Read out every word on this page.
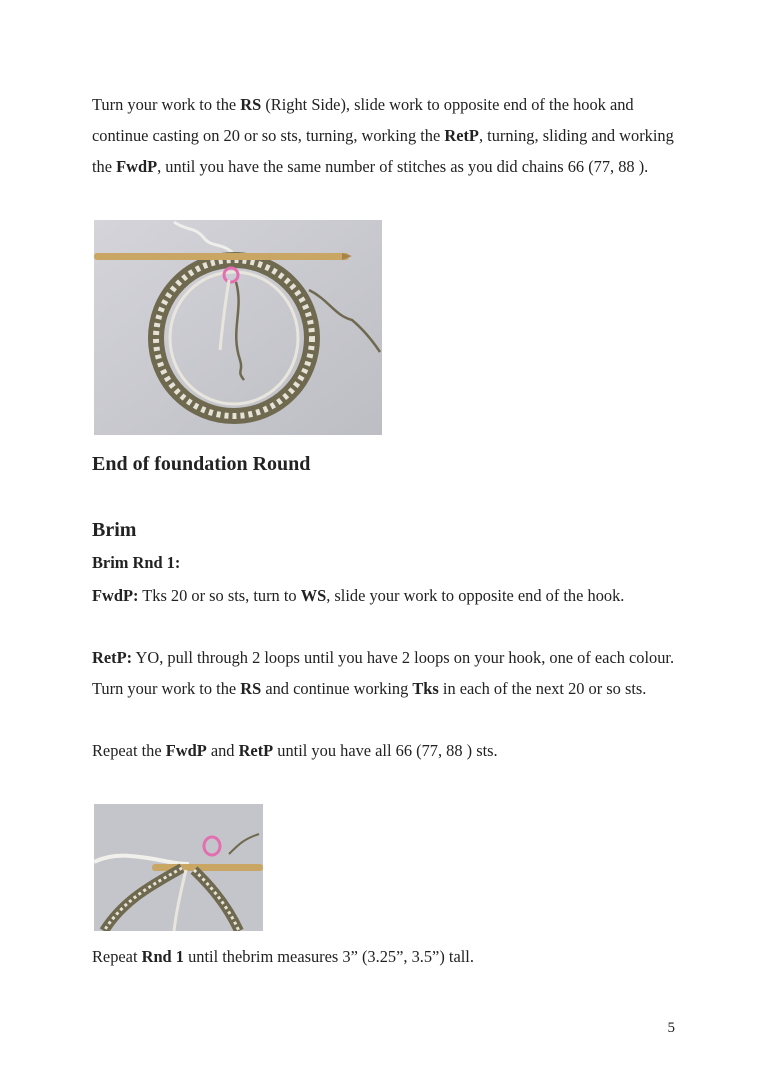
Turn your work to the RS (Right Side), slide work to opposite end of the hook and continue casting on 20 or so sts, turning, working the RetP, turning, sliding and working the FwdP, until you have the same number of stitches as you did chains 66 (77, 88 ).

End of foundation Round
Brim
Brim Rnd 1:

FwdP: Tks 20 or so sts, turn to WS, slide your work to opposite end of the hook.

RetP: YO, pull through 2 loops until you have 2 loops on your hook, one of each colour. Turn your work to the RS and continue working Tks in each of the next 20 or so sts.

Repeat the FwdP and RetP until you have all 66 (77, 88 ) sts.

Repeat Rnd 1 until thebrim measures 3” (3.25”, 3.5”) tall.

5
